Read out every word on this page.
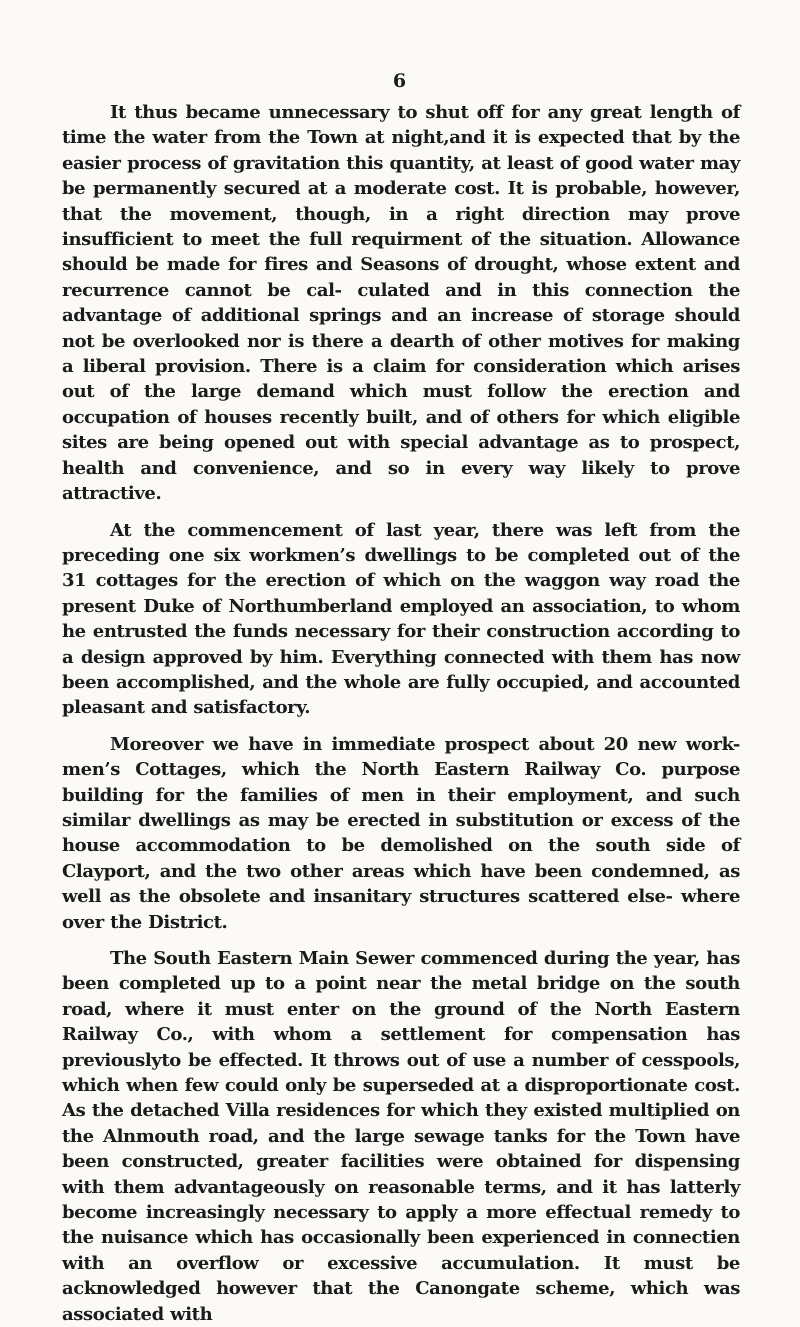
6

It thus became unnecessary to shut off for any great length of time the water from the Town at night,and it is expected that by the easier process of gravitation this quantity, at least of good water may be permanently secured at a moderate cost. It is probable, however, that the movement, though, in a right direction may prove insufficient to meet the full requirment of the situation. Allowance should be made for fires and Seasons of drought, whose extent and recurrence cannot be cal- culated and in this connection the advantage of additional springs and an increase of storage should not be overlooked nor is there a dearth of other motives for making a liberal provision. There is a claim for consideration which arises out of the large demand which must follow the erection and occupation of houses recently built, and of others for which eligible sites are being opened out with special advantage as to prospect, health and convenience, and so in every way likely to prove attractive.

At the commencement of last year, there was left from the preceding one six workmen’s dwellings to be completed out of the 31 cottages for the erection of which on the waggon way road the present Duke of Northumberland employed an association, to whom he entrusted the funds necessary for their construction according to a design approved by him. Everything connected with them has now been accomplished, and the whole are fully occupied, and accounted pleasant and satisfactory.

Moreover we have in immediate prospect about 20 new work- men’s Cottages, which the North Eastern Railway Co. purpose building for the families of men in their employment, and such similar dwellings as may be erected in substitution or excess of the house accommodation to be demolished on the south side of Clayport, and the two other areas which have been condemned, as well as the obsolete and insanitary structures scattered else- where over the District.

The South Eastern Main Sewer commenced during the year, has been completed up to a point near the metal bridge on the south road, where it must enter on the ground of the North Eastern Railway Co., with whom a settlement for compensation has previouslyto be effected. It throws out of use a number of cesspools, which when few could only be superseded at a disproportionate cost. As the detached Villa residences for which they existed multiplied on the Alnmouth road, and the large sewage tanks for the Town have been constructed, greater facilities were obtained for dispensing with them advantageously on reasonable terms, and it has latterly become increasingly necessary to apply a more effectual remedy to the nuisance which has occasionally been experienced in connectien with an overflow or excessive accumulation. It must be acknowledged however that the Canongate scheme, which was associated with
